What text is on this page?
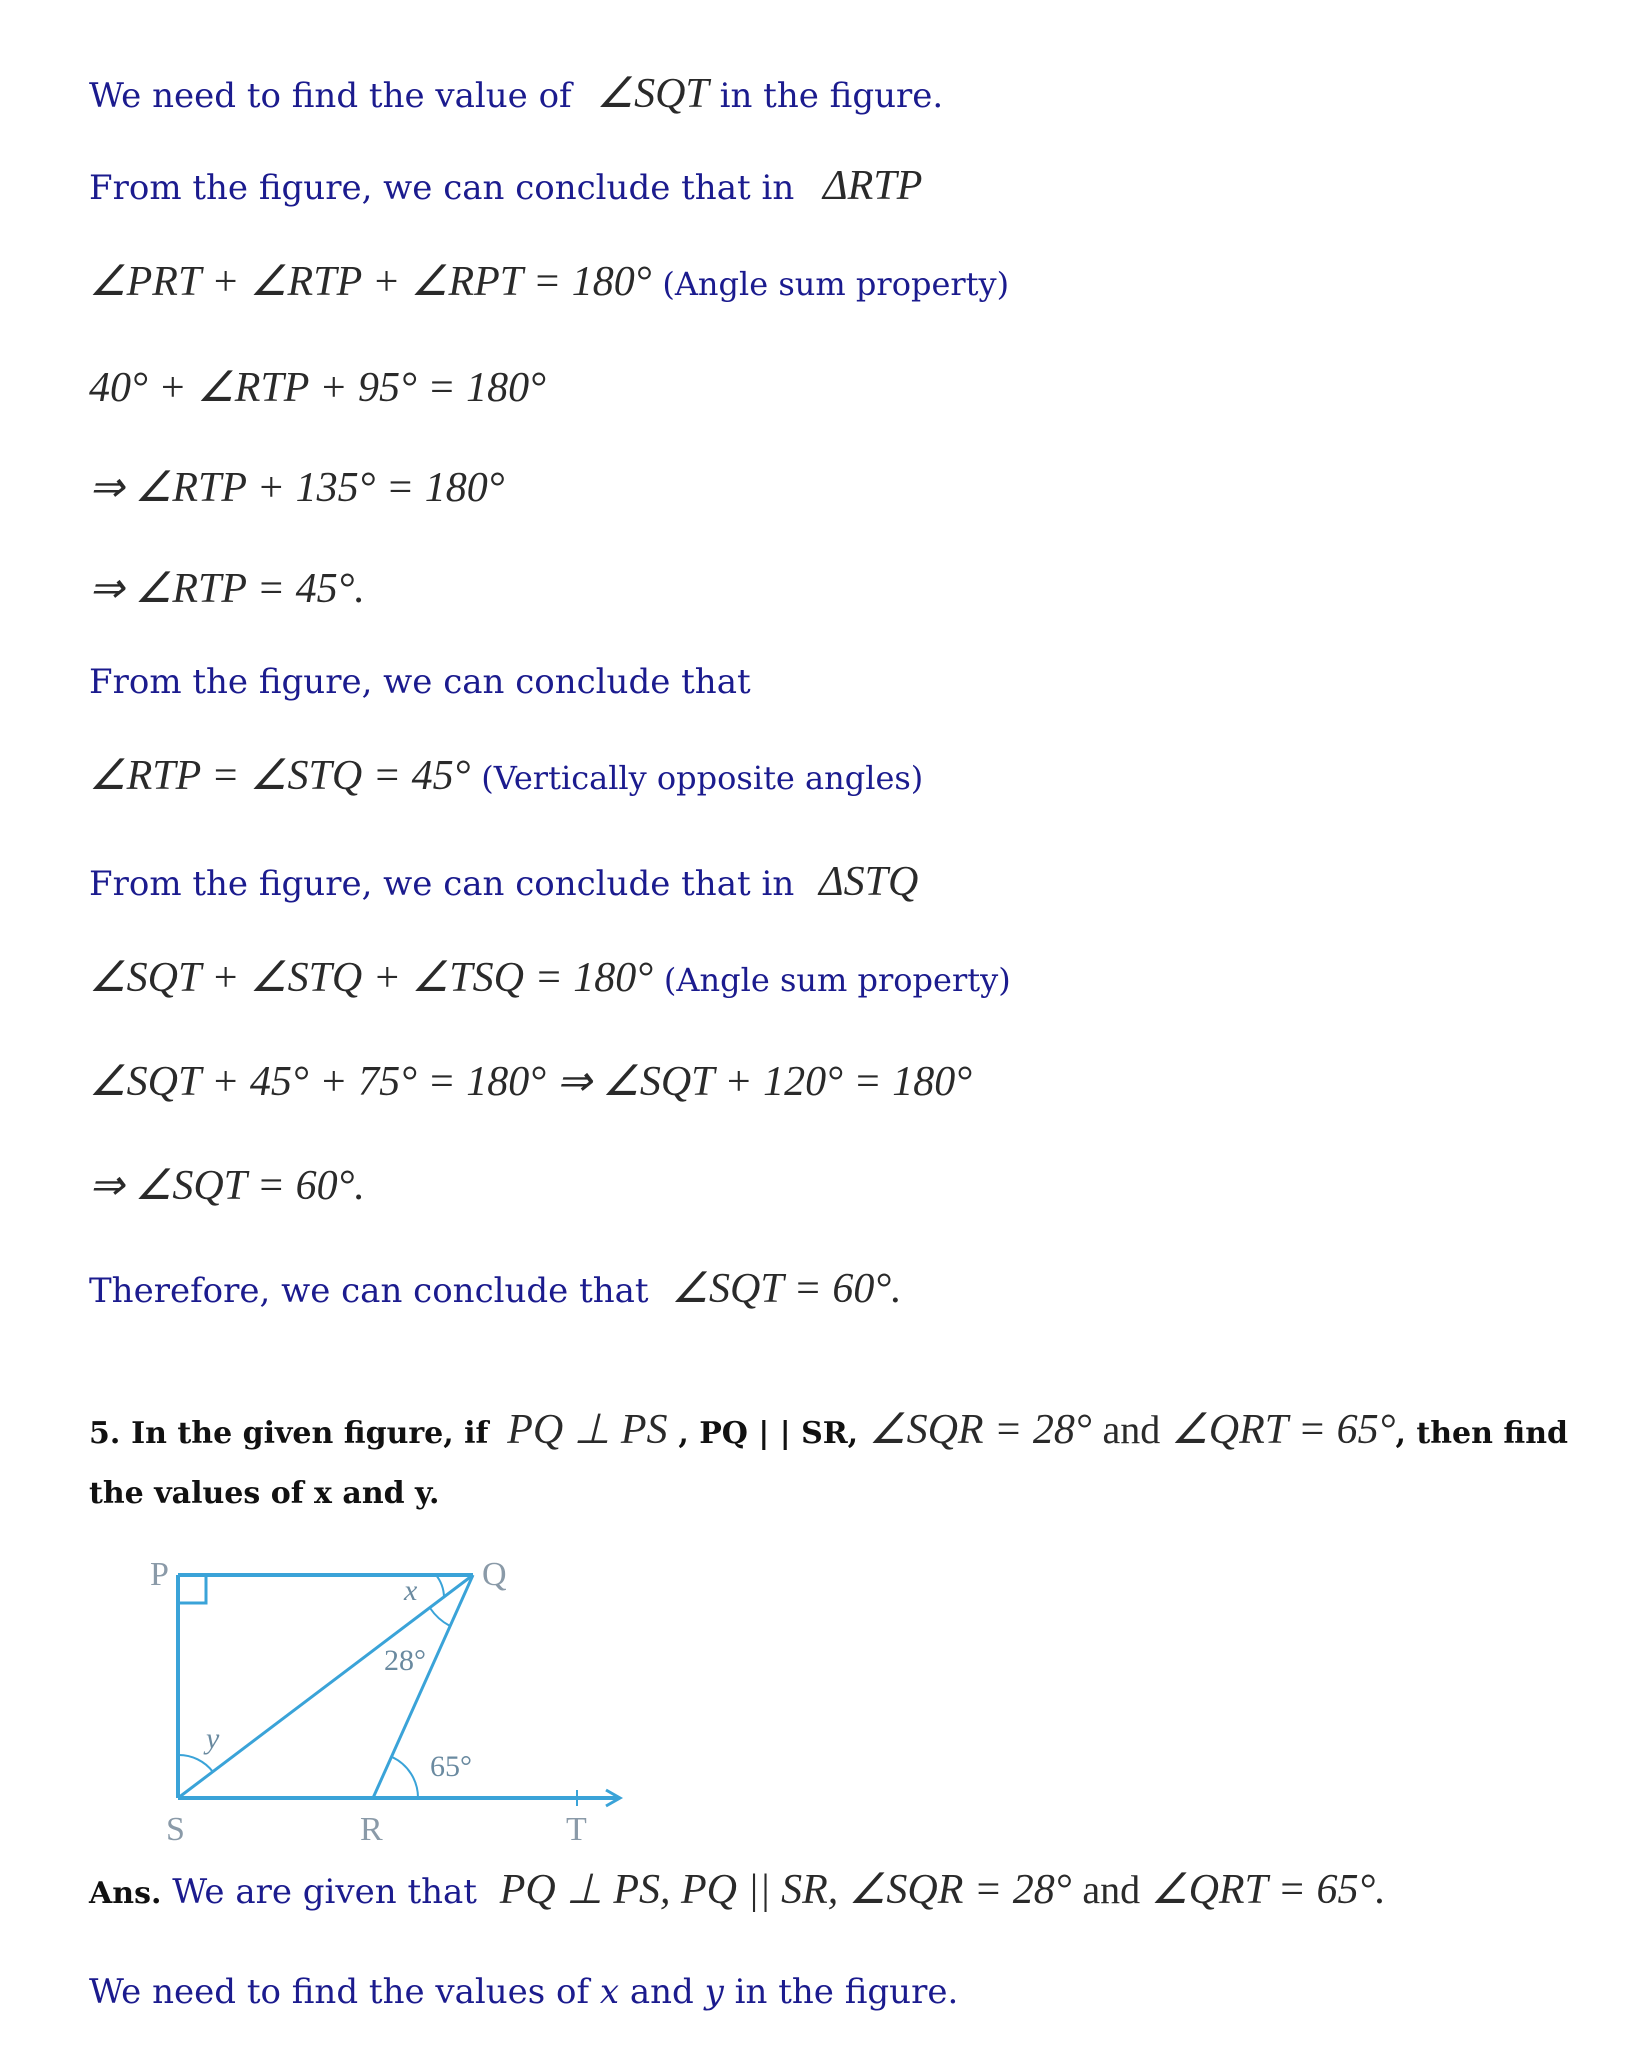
We need to find the value of ∠SQT in the figure.
From the figure, we can conclude that in ΔRTP
∠PRT + ∠RTP + ∠RPT = 180° (Angle sum property)
40° + ∠RTP + 95° = 180°
⇒ ∠RTP + 135° = 180°
⇒ ∠RTP = 45°.
From the figure, we can conclude that
∠RTP = ∠STQ = 45° (Vertically opposite angles)
From the figure, we can conclude that in ΔSTQ
∠SQT + ∠STQ + ∠TSQ = 180° (Angle sum property)
∠SQT + 45° + 75° = 180° ⇒ ∠SQT + 120° = 180°
⇒ ∠SQT = 60°.
Therefore, we can conclude that ∠SQT = 60°.
5. In the given figure, if PQ ⊥ PS , PQ | | SR, ∠SQR = 28° and ∠QRT = 65°, then find
the values of x and y.
P	Q
S	R	T
x
y
28°
65°
Ans. We are given that PQ ⊥ PS, PQ || SR, ∠SQR = 28° and ∠QRT = 65°.
We need to find the values of x and y in the figure.
